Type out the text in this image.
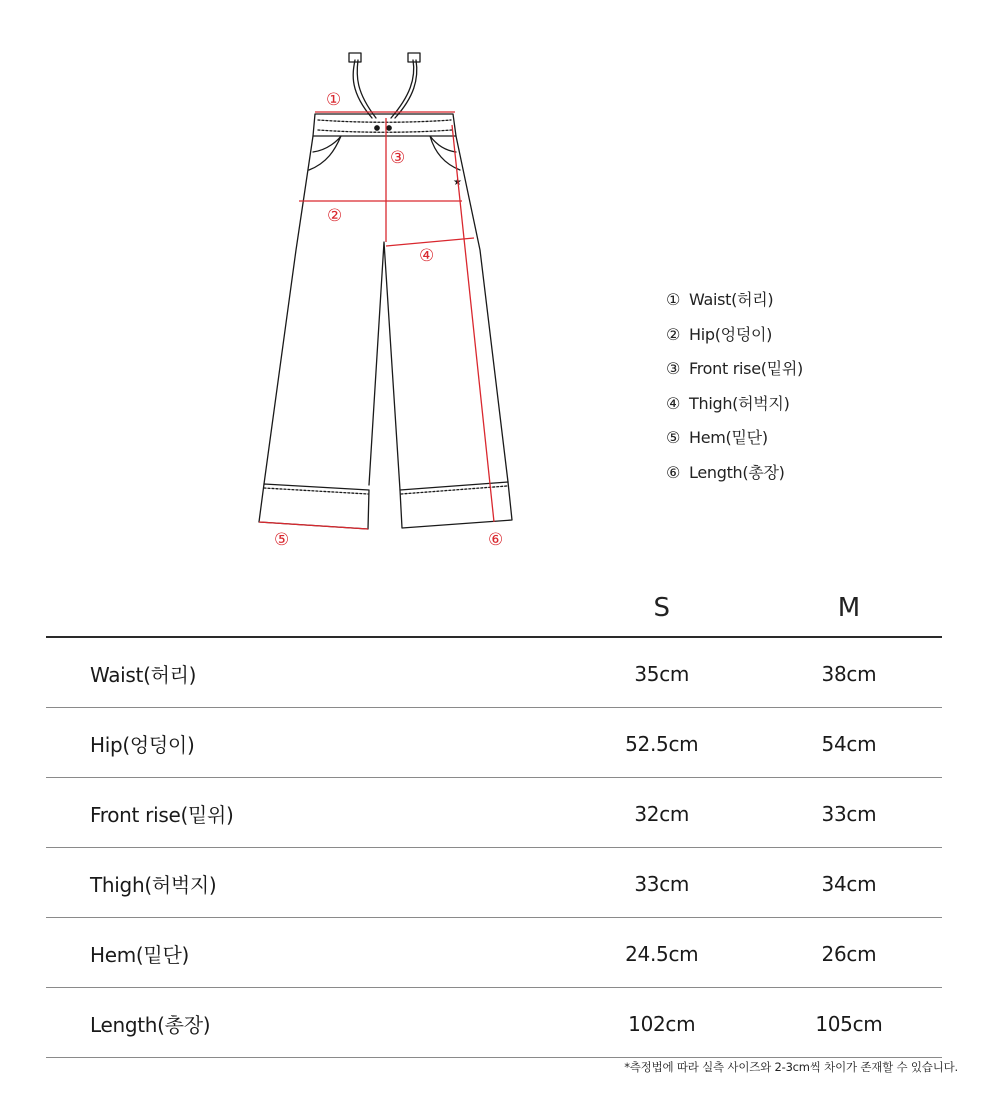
★
①
②
③
④
⑤	⑥
① Waist(허리)
② Hip(엉덩이)
③ Front rise(밑위)
④ Thigh(허벅지)
⑤ Hem(밑단)
⑥ Length(총장)
	S	M
Waist(허리)	35cm	38cm
Hip(엉덩이)	52.5cm	54cm
Front rise(밑위)	32cm	33cm
Thigh(허벅지)	33cm	34cm
Hem(밑단)	24.5cm	26cm
Length(총장)	102cm	105cm
*측정법에 따라 실측 사이즈와 2-3cm씩 차이가 존재할 수 있습니다.
